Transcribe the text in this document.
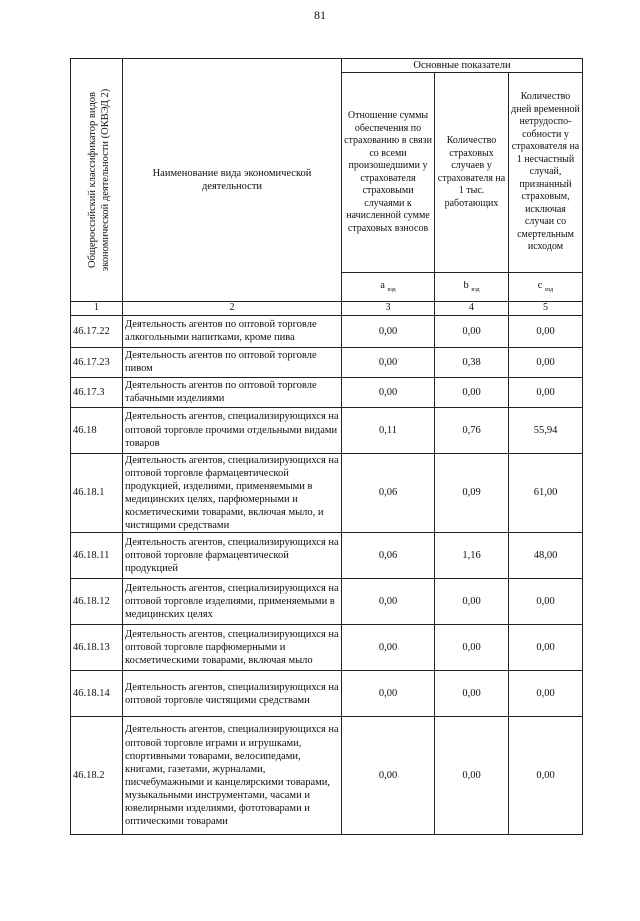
81
Общероссийский классификатор видов экономической деятельности (ОКВЭД 2)	Наименование вида экономической деятельности	Основные показатели		
		Отношение суммы обеспечения по страхованию в связи со всеми произошедшими у страхователя страховыми случаями к начисленной сумме страховых взносов	Количество страховых случаев у страхователя на 1 тыс. работающих	Количество дней временной нетрудоспо-собности у страхователя на 1 несчастный случай, признанный страховым, исключая случаи со смертельным исходом
		a $_{вэд}$	b $_{вэд}$	c $_{вэд}$
1	2	3	4	5
46.17.22	Деятельность агентов по оптовой торговле алкогольными напитками, кроме пива	0,00	0,00	0,00
46.17.23	Деятельность агентов по оптовой торговле пивом	0,00	0,38	0,00
46.17.3	Деятельность агентов по оптовой торговле табачными изделиями	0,00	0,00	0,00
46.18	Деятельность агентов, специализирующихся на оптовой торговле прочими отдельными видами товаров	0,11	0,76	55,94
46.18.1	Деятельность агентов, специализирующихся на оптовой торговле фармацевтической продукцией, изделиями, применяемыми в медицинских целях, парфюмерными и косметическими товарами, включая мыло, и чистящими средствами	0,06	0,09	61,00
46.18.11	Деятельность агентов, специализирующихся на оптовой торговле фармацевтической продукцией	0,06	1,16	48,00
46.18.12	Деятельность агентов, специализирующихся на оптовой торговле изделиями, применяемыми в медицинских целях	0,00	0,00	0,00
46.18.13	Деятельность агентов, специализирующихся на оптовой торговле парфюмерными и косметическими товарами, включая мыло	0,00	0,00	0,00
46.18.14	Деятельность агентов, специализирующихся на оптовой торговле чистящими средствами	0,00	0,00	0,00
46.18.2	Деятельность агентов, специализирующихся на оптовой торговле играми и игрушками, спортивными товарами, велосипедами, книгами, газетами, журналами, писчебумажными и канцелярскими товарами, музыкальными инструментами, часами и ювелирными изделиями, фототоварами и оптическими товарами	0,00	0,00	0,00
